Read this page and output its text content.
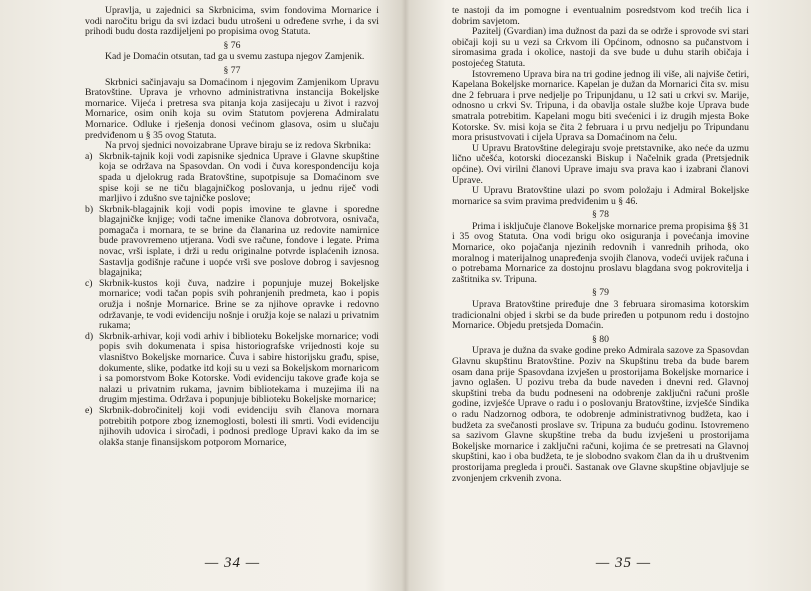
Upravlja, u zajednici sa Skrbnicima, svim fondovima Mornarice i vodi naročitu brigu da svi izdaci budu utrošeni u određene svrhe, i da svi prihodi budu dosta razdijeljeni po propisima ovog Statuta.

§ 76

Kad je Domaćin otsutan, tad ga u svemu zastupa njegov Zamjenik.

§ 77

Skrbnici sačinjavaju sa Domaćinom i njegovim Zamjenikom Upravu Bratovštine. Uprava je vrhovno administrativna instancija Bokeljske mornarice. Vijeća i pretresa sva pitanja koja zasijecaju u život i razvoj Mornarice, osim onih koja su ovim Statutom povjerena Admiralatu Mornarice. Odluke i rješenja donosi većinom glasova, osim u slučaju predviđenom u § 35 ovog Statuta.

Na prvoj sjednici novoizabrane Uprave biraju se iz redova Skrbnika:

a) Skrbnik-tajnik koji vodi zapisnike sjednica Uprave i Glavne skupštine koja se održava na Spasovdan. On vodi i čuva korespondenciju koja spada u djelokrug rada Bratovštine, supotpisuje sa Domaćinom sve spise koji se ne tiču blagajničkog poslovanja, u jednu riječ vodi marljivo i zdušno sve tajničke poslove;
b) Skrbnik-blagajnik koji vodi popis imovine te glavne i sporedne blagajničke knjige; vodi tačne imenike članova dobrotvora, osnivača, pomagača i mornara, te se brine da članarina uz redovite namirnice bude pravovremeno utjerana. Vodi sve račune, fondove i legate. Prima novac, vrši isplate, i drži u redu originalne potvrde isplaćenih iznosa. Sastavlja godišnje račune i uopće vrši sve poslove dobrog i savjesnog blagajnika;
c) Skrbnik-kustos koji čuva, nadzire i popunjuje muzej Bokeljske mornarice; vodi tačan popis svih pohranjenih predmeta, kao i popis oružja i nošnje Mornarice. Brine se za njihove opravke i redovno održavanje, te vodi evidenciju nošnje i oružja koje se nalazi u privatnim rukama;
d) Skrbnik-arhivar, koji vodi arhiv i biblioteku Bokeljske mornarice; vodi popis svih dokumenata i spisa historiografske vrijednosti koje su vlasništvo Bokeljske mornarice. Čuva i sabire historijsku građu, spise, dokumente, slike, podatke itd koji su u vezi sa Bokeljskom mornaricom i sa pomorstvom Boke Kotorske. Vodi evidenciju takove građe koja se nalazi u privatnim rukama, javnim bibliotekama i muzejima ili na drugim mjestima. Održava i popunjuje biblioteku Bokeljske mornarice;
e) Skrbnik-dobročinitelj koji vodi evidenciju svih članova mornara potrebitih potpore zbog iznemoglosti, bolesti ili smrti. Vodi evidenciju njihovih udovica i siročadi, i podnosi predloge Upravi kako da im se olakša stanje finansijskom potporom Mornarice,
— 34 —

te nastoji da im pomogne i eventualnim posredstvom kod trećih lica i dobrim savjetom.

Pazitelj (Gvardian) ima dužnost da pazi da se održe i sprovode svi stari običaji koji su u vezi sa Crkvom ili Općinom, odnosno sa pučanstvom i siromasima grada i okolice, nastoji da sve bude u duhu starih običaja i postojećeg Statuta.

Istovremeno Uprava bira na tri godine jednog ili više, ali najviše četiri, Kapelana Bokeljske mornarice. Kapelan je dužan da Mornarici čita sv. misu dne 2 februara i prve nedjelje po Tripunjdanu, u 12 sati u crkvi sv. Marije, odnosno u crkvi Sv. Tripuna, i da obavlja ostale službe koje Uprava bude smatrala potrebitim. Kapelani mogu biti svećenici i iz drugih mjesta Boke Kotorske. Sv. misi koja se čita 2 februara i u prvu nedjelju po Tripundanu mora prisustvovati i cijela Uprava sa Domaćinom na čelu.

U Upravu Bratovštine delegiraju svoje pretstavnike, ako neće da uzmu lično učešća, kotorski diocezanski Biskup i Načelnik grada (Pretsjednik općine). Ovi virilni članovi Uprave imaju sva prava kao i izabrani članovi Uprave.

U Upravu Bratovštine ulazi po svom položaju i Admiral Bokeljske mornarice sa svim pravima predviđenim u § 46.

§ 78

Prima i isključuje članove Bokeljske mornarice prema propisima §§ 31 i 35 ovog Statuta. Ona vodi brigu oko osiguranja i povećanja imovine Mornarice, oko pojačanja njezinih redovnih i vanrednih prihoda, oko moralnog i materijalnog unapređenja svojih članova, vodeći uvijek računa i o potrebama Mornarice za dostojnu proslavu blagdana svog pokrovitelja i zaštitnika sv. Tripuna.

§ 79

Uprava Bratovštine priređuje dne 3 februara siromasima kotorskim tradicionalni objed i skrbi se da bude priređen u potpunom redu i dostojno Mornarice. Objedu pretsjeda Domaćin.

§ 80

Uprava je dužna da svake godine preko Admirala sazove za Spasovdan Glavnu skupštinu Bratovštine. Poziv na Skupštinu treba da bude barem osam dana prije Spasovdana izvješen u prostorijama Bokeljske mornarice i javno oglašen. U pozivu treba da bude naveden i dnevni red. Glavnoj skupštini treba da budu podneseni na odobrenje zaključni računi prošle godine, izvješće Uprave o radu i o poslovanju Bratovštine, izvješće Sindika o radu Nadzornog odbora, te odobrenje administrativnog budžeta, kao i budžeta za svečanosti proslave sv. Tripuna za buduću godinu. Istovremeno sa sazivom Glavne skupštine treba da budu izvješeni u prostorijama Bokeljske mornarice i zaključni računi, kojima će se pretresati na Glavnoj skupštini, kao i oba budžeta, te je slobodno svakom član da ih u društvenim prostorijama pregleda i prouči. Sastanak ove Glavne skupštine objavljuje se zvonjenjem crkvenih zvona.

— 35 —
